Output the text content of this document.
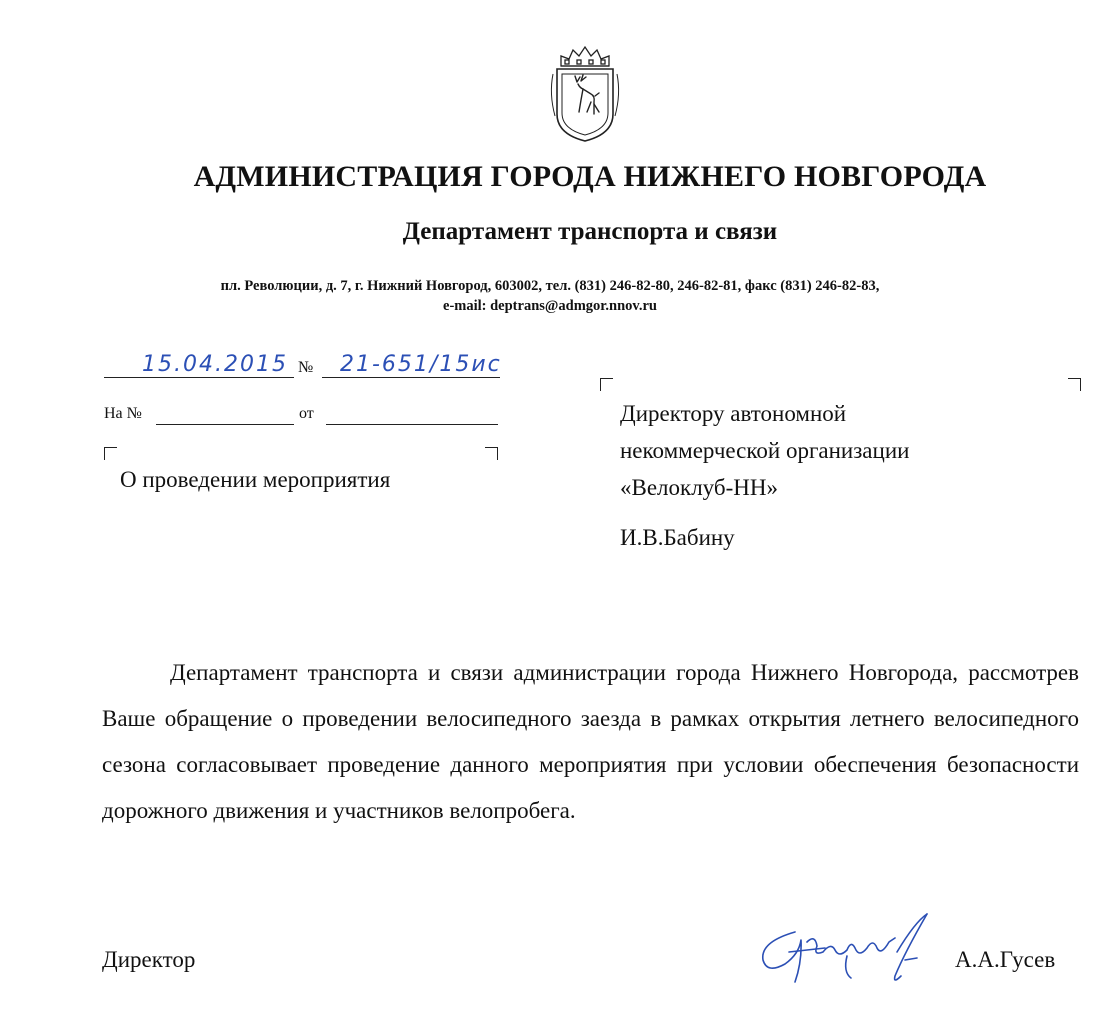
АДМИНИСТРАЦИЯ ГОРОДА НИЖНЕГО НОВГОРОДА
Департамент транспорта и связи
пл. Революции, д. 7, г. Нижний Новгород, 603002, тел. (831) 246-82-80, 246-82-81, факс (831) 246-82-83,
e-mail: deptrans@admgor.nnov.ru
15.04.2015 № 21-651/15ис
На №	от
О проведении мероприятия
Директору автономной
некоммерческой организации
«Велоклуб-НН»
И.В.Бабину
Департамент транспорта и связи администрации города Нижнего Новгорода, рассмотрев Ваше обращение о проведении велосипедного заезда в рамках открытия летнего велосипедного сезона согласовывает проведение данного мероприятия при условии обеспечения безопасности дорожного движения и участников велопробега.
Директор	А.А.Гусев
